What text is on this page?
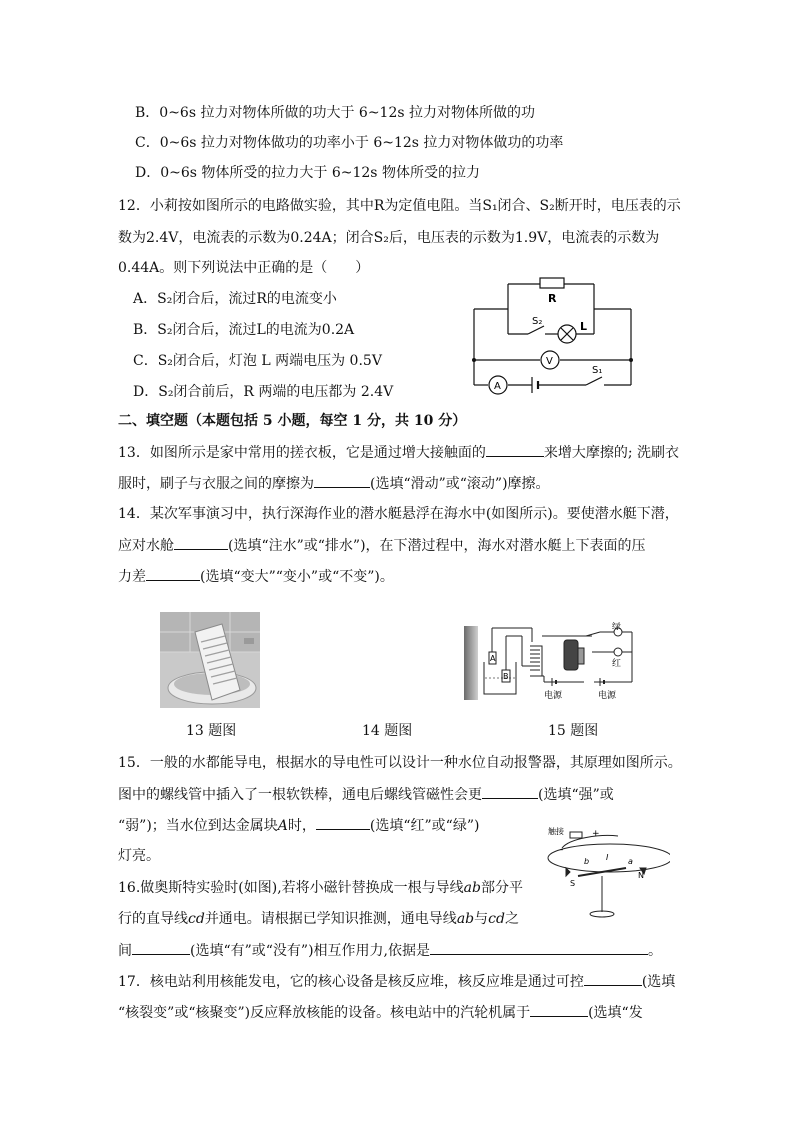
B．0~6s 拉力对物体所做的功大于 6~12s 拉力对物体所做的功
C．0~6s 拉力对物体做功的功率小于 6~12s 拉力对物体做功的功率
D．0~6s 物体所受的拉力大于 6~12s 物体所受的拉力
12．小莉按如图所示的电路做实验，其中R为定值电阻。当S₁闭合、S₂断开时，电压表的示
数为2.4V，电流表的示数为0.24A；闭合S₂后，电压表的示数为1.9V，电流表的示数为
0.44A。则下列说法中正确的是（　　）
A．S₂闭合后，流过R的电流变小
B．S₂闭合后，流过L的电流为0.2A
C．S₂闭合后，灯泡 L 两端电压为 0.5V
D．S₂闭合前后，R 两端的电压都为 2.4V
R
S₂	L
V
A
S₁
二、填空题（本题包括 5 小题，每空 1 分，共 10 分）
13．如图所示是家中常用的搓衣板，它是通过增大接触面的	来增大摩擦的; 洗刷衣
服时，刷子与衣服之间的摩擦为	(选填“滑动”或“滚动”)摩擦。
14．某次军事演习中，执行深海作业的潜水艇悬浮在海水中(如图所示)。要使潜水艇下潜，
应对水舱	(选填“注水”或“排水”)，在下潜过程中，海水对潜水艇上下表面的压
力差	(选填“变大”“变小”或“不变”)。
A
B
绿
红
电源	电源
13 题图	14 题图	15 题图
15．一般的水都能导电，根据水的导电性可以设计一种水位自动报警器，其原理如图所示。
图中的螺线管中插入了一根软铁棒，通电后螺线管磁性会更	(选填“强”或
“弱”)；当水位到达金属块A时，	(选填“红”或“绿”)
灯亮。
16.做奥斯特实验时(如图),若将小磁针替换成一根与导线ab部分平
行的直导线cd并通电。请根据已学知识推测，通电导线ab与cd之
间	(选填“有”或“没有”)相互作用力,依据是	。
触接	+
-
b I a
S
N
17．核电站利用核能发电，它的核心设备是核反应堆，核反应堆是通过可控	(选填
“核裂变”或“核聚变”)反应释放核能的设备。核电站中的汽轮机属于	(选填“发
